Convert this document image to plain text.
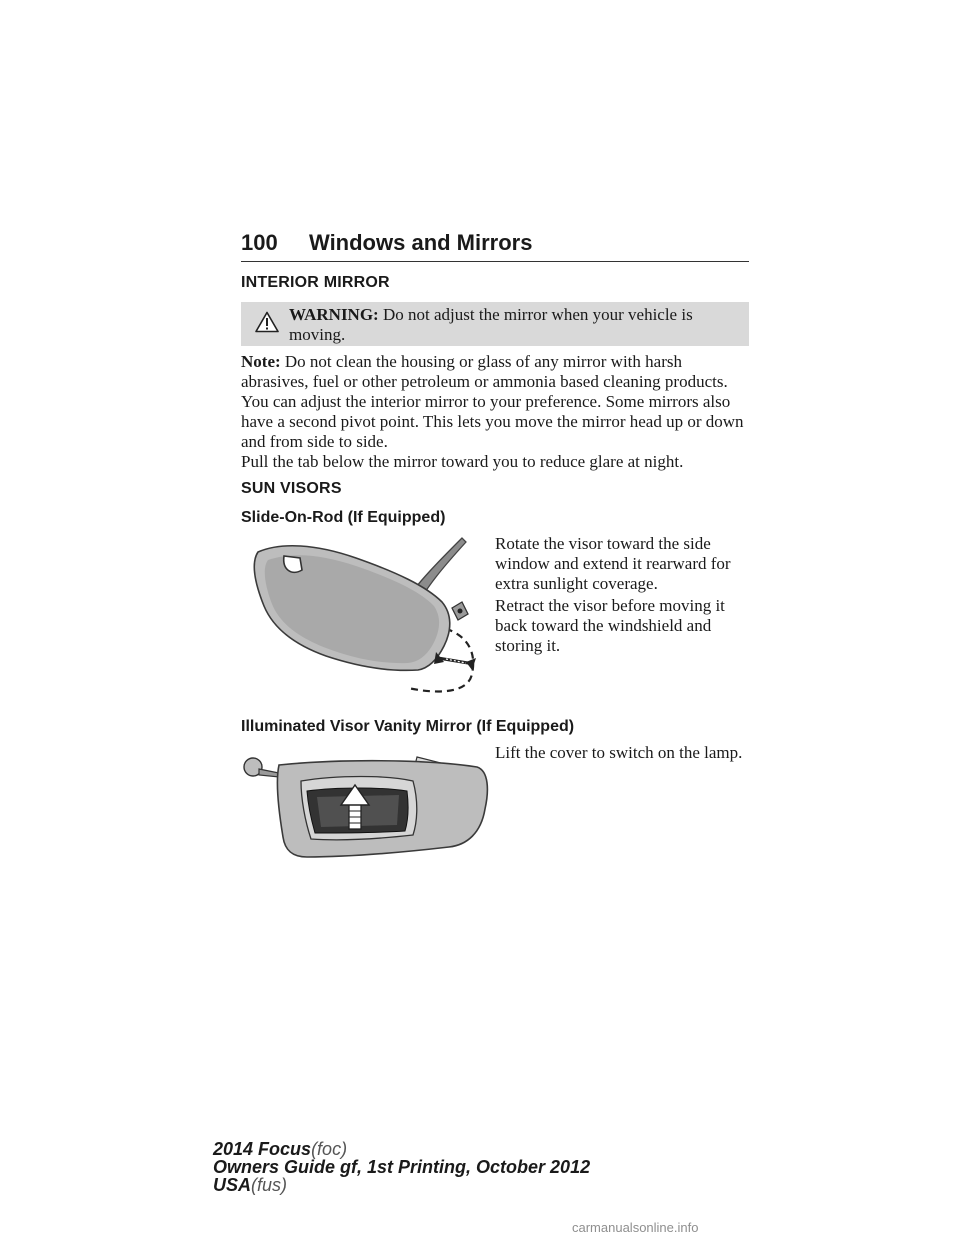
100 Windows and Mirrors
INTERIOR MIRROR
WARNING: Do not adjust the mirror when your vehicle is moving.
Note: Do not clean the housing or glass of any mirror with harsh abrasives, fuel or other petroleum or ammonia based cleaning products.
You can adjust the interior mirror to your preference. Some mirrors also have a second pivot point. This lets you move the mirror head up or down and from side to side.
Pull the tab below the mirror toward you to reduce glare at night.
SUN VISORS
Slide-On-Rod (If Equipped)
Rotate the visor toward the side window and extend it rearward for extra sunlight coverage.
Retract the visor before moving it back toward the windshield and storing it.
Illuminated Visor Vanity Mirror (If Equipped)
Lift the cover to switch on the lamp.
2014 Focus(foc)
Owners Guide gf, 1st Printing, October 2012
USA(fus)
carmanualsonline.info
